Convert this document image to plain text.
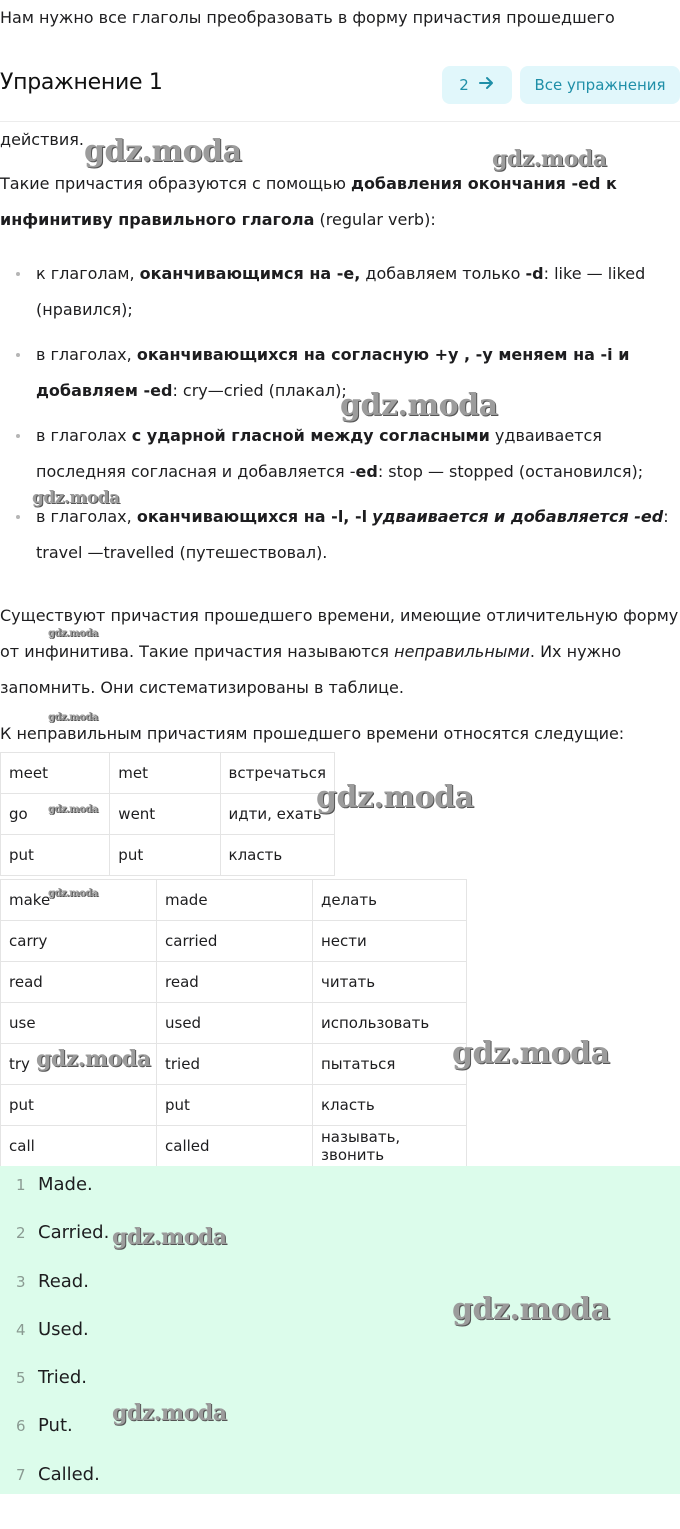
Нам нужно все глаголы преобразовать в форму причастия прошедшего
Упражнение 1	2	Все упражнения
действия.
Такие причастия образуются с помощью добавления окончания -ed к инфинитиву правильного глагола (regular verb):
к глаголам, оканчивающимся на -e, добавляем только -d: like — liked (нравился);
в глаголах, оканчивающихся на согласную +y , -y меняем на -i и добавляем -ed: cry—cried (плакал);
в глаголах с ударной гласной между согласными удваивается последняя согласная и добавляется -ed: stop — stopped (остановился);
в глаголах, оканчивающихся на -l, -l удваивается и добавляется -ed: travel —travelled (путешествовал).
Существуют причастия прошедшего времени, имеющие отличительную форму от инфинитива. Такие причастия называются неправильными. Их нужно запомнить. Они систематизированы в таблице.
К неправильным причастиям прошедшего времени относятся следущие:
meet	met	встречаться
go	went	идти, ехать
put	put	класть
make	made	делать
carry	carried	нести
read	read	читать
use	used	использовать
try	tried	пытаться
put	put	класть
call	called	называть, звонить
1 Made.
2 Carried.
3 Read.
4 Used.
5 Tried.
6 Put.
7 Called.
gdz.moda	gdz.moda
gdz.moda
gdz.moda
gdz.moda
gdz.moda
gdz.moda
gdz.moda
gdz.moda
gdz.moda	gdz.moda
gdz.moda
gdz.moda
gdz.moda
